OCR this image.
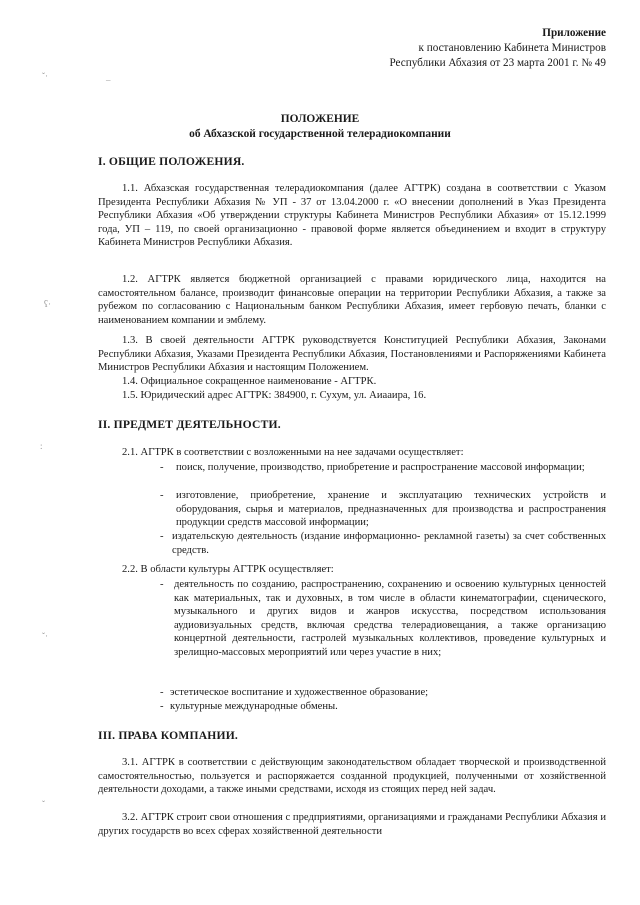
ˇ·	–
ʕ·
:
ˇ·
ˇ
Приложение
к постановлению Кабинета Министров
Республики Абхазия от 23 марта 2001 г. № 49
ПОЛОЖЕНИЕ
об Абхазской государственной телерадиокомпании
I. ОБЩИЕ ПОЛОЖЕНИЯ.
1.1. Абхазская государственная телерадиокомпания (далее АГТРК) создана в соответствии с Указом Президента Республики Абхазия № УП - 37 от 13.04.2000 г. «О внесении дополнений в Указ Президента Республики Абхазия «Об утверждении структуры Кабинета Министров Республики Абхазия» от 15.12.1999 года, УП – 119, по своей организационно - правовой форме является объединением и входит в структуру Кабинета Министров Республики Абхазия.
1.2. АГТРК является бюджетной организацией с правами юридического лица, находится на самостоятельном балансе, производит финансовые операции на территории Республики Абхазия, а также за рубежом по согласованию с Национальным банком Республики Абхазия, имеет гербовую печать, бланки с наименованием компании и эмблему.
1.3. В своей деятельности АГТРК руководствуется Конституцией Республики Абхазия, Законами Республики Абхазия, Указами Президента Республики Абхазия, Постановлениями и Распоряжениями Кабинета Министров Республики Абхазия и настоящим Положением.
1.4. Официальное сокращенное наименование - АГТРК.
1.5. Юридический адрес АГТРК: 384900, г. Сухум, ул. Аиааира, 16.
II. ПРЕДМЕТ ДЕЯТЕЛЬНОСТИ.
2.1. АГТРК в соответствии с возложенными на нее задачами осуществляет:
-	поиск, получение, производство, приобретение и распространение массовой информации;
-	изготовление, приобретение, хранение и эксплуатацию технических устройств и оборудования, сырья и материалов, предназначенных для производства и распространения продукции средств массовой информации;
- издательскую деятельность (издание информационно- рекламной газеты) за счет собственных средств.
2.2. В области культуры АГТРК осуществляет:
- деятельность по созданию, распространению, сохранению и освоению культурных ценностей как материальных, так и духовных, в том числе в области кинематографии, сценического, музыкального и других видов и жанров искусства, посредством использования аудиовизуальных средств, включая средства телерадиовещания, а также организацию концертной деятельности, гастролей музыкальных коллективов, проведение культурных и зрелищно-массовых мероприятий или через участие в них;
- эстетическое воспитание и художественное образование;
- культурные международные обмены.
III. ПРАВА КОМПАНИИ.
3.1. АГТРК в соответствии с действующим законодательством обладает творческой и производственной самостоятельностью, пользуется и распоряжается созданной продукцией, полученными от хозяйственной деятельности доходами, а также иными средствами, исходя из стоящих перед ней задач.
3.2. АГТРК строит свои отношения с предприятиями, организациями и гражданами Республики Абхазия и других государств во всех сферах хозяйственной деятельности
